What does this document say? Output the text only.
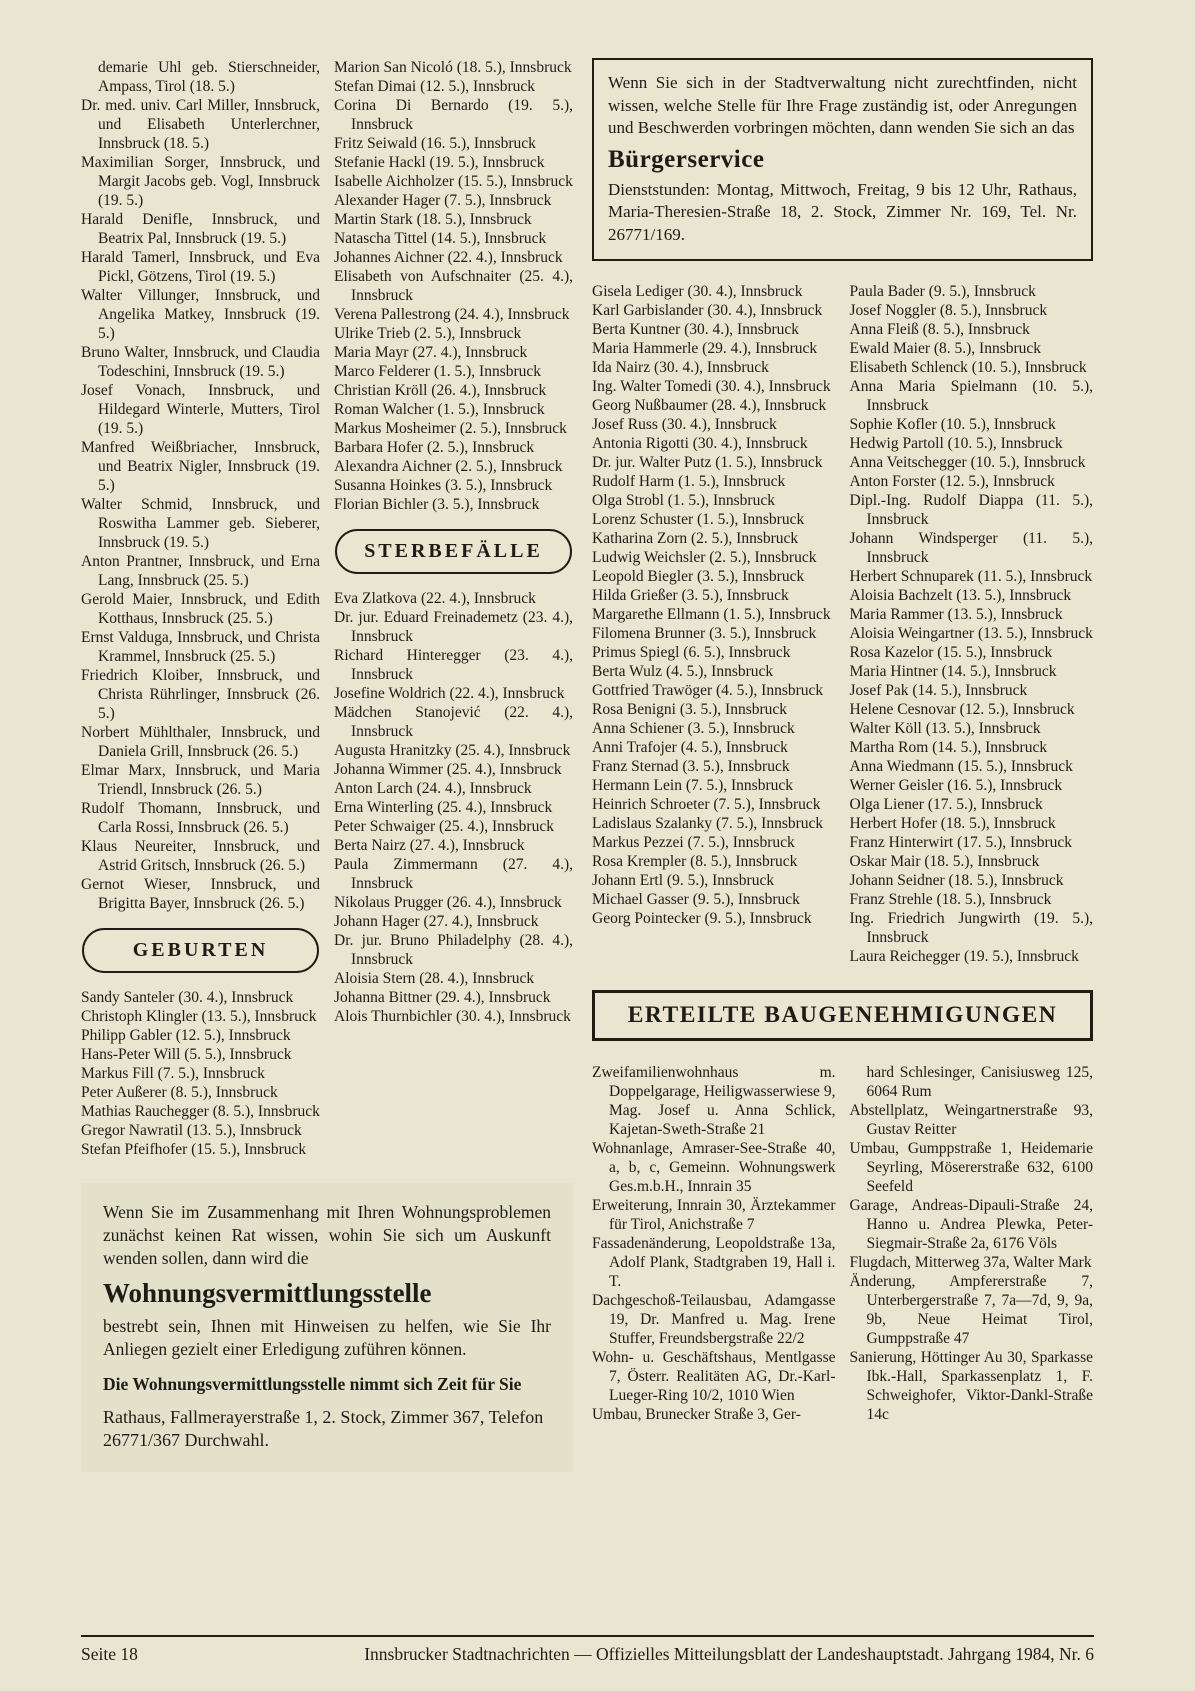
demarie Uhl geb. Stierschneider, Ampass, Tirol (18. 5.)
Dr. med. univ. Carl Miller, Innsbruck, und Elisabeth Unterlerchner, Innsbruck (18. 5.)
Maximilian Sorger, Innsbruck, und Margit Jacobs geb. Vogl, Innsbruck (19. 5.)
Harald Denifle, Innsbruck, und Beatrix Pal, Innsbruck (19. 5.)
Harald Tamerl, Innsbruck, und Eva Pickl, Götzens, Tirol (19. 5.)
Walter Villunger, Innsbruck, und Angelika Matkey, Innsbruck (19. 5.)
Bruno Walter, Innsbruck, und Claudia Todeschini, Innsbruck (19. 5.)
Josef Vonach, Innsbruck, und Hildegard Winterle, Mutters, Tirol (19. 5.)
Manfred Weißbriacher, Innsbruck, und Beatrix Nigler, Innsbruck (19. 5.)
Walter Schmid, Innsbruck, und Roswitha Lammer geb. Sieberer, Innsbruck (19. 5.)
Anton Prantner, Innsbruck, und Erna Lang, Innsbruck (25. 5.)
Gerold Maier, Innsbruck, und Edith Kotthaus, Innsbruck (25. 5.)
Ernst Valduga, Innsbruck, und Christa Krammel, Innsbruck (25. 5.)
Friedrich Kloiber, Innsbruck, und Christa Rührlinger, Innsbruck (26. 5.)
Norbert Mühlthaler, Innsbruck, und Daniela Grill, Innsbruck (26. 5.)
Elmar Marx, Innsbruck, und Maria Triendl, Innsbruck (26. 5.)
Rudolf Thomann, Innsbruck, und Carla Rossi, Innsbruck (26. 5.)
Klaus Neureiter, Innsbruck, und Astrid Gritsch, Innsbruck (26. 5.)
Gernot Wieser, Innsbruck, und Brigitta Bayer, Innsbruck (26. 5.)
GEBURTEN
Sandy Santeler (30. 4.), Innsbruck
Christoph Klingler (13. 5.), Innsbruck
Philipp Gabler (12. 5.), Innsbruck
Hans-Peter Will (5. 5.), Innsbruck
Markus Fill (7. 5.), Innsbruck
Peter Außerer (8. 5.), Innsbruck
Mathias Rauchegger (8. 5.), Innsbruck
Gregor Nawratil (13. 5.), Innsbruck
Stefan Pfeifhofer (15. 5.), Innsbruck
Marion San Nicoló (18. 5.), Innsbruck
Stefan Dimai (12. 5.), Innsbruck
Corina Di Bernardo (19. 5.), Innsbruck
Fritz Seiwald (16. 5.), Innsbruck
Stefanie Hackl (19. 5.), Innsbruck
Isabelle Aichholzer (15. 5.), Innsbruck
Alexander Hager (7. 5.), Innsbruck
Martin Stark (18. 5.), Innsbruck
Natascha Tittel (14. 5.), Innsbruck
Johannes Aichner (22. 4.), Innsbruck
Elisabeth von Aufschnaiter (25. 4.), Innsbruck
Verena Pallestrong (24. 4.), Innsbruck
Ulrike Trieb (2. 5.), Innsbruck
Maria Mayr (27. 4.), Innsbruck
Marco Felderer (1. 5.), Innsbruck
Christian Kröll (26. 4.), Innsbruck
Roman Walcher (1. 5.), Innsbruck
Markus Mosheimer (2. 5.), Innsbruck
Barbara Hofer (2. 5.), Innsbruck
Alexandra Aichner (2. 5.), Innsbruck
Susanna Hoinkes (3. 5.), Innsbruck
Florian Bichler (3. 5.), Innsbruck
STERBEFÄLLE
Eva Zlatkova (22. 4.), Innsbruck
Dr. jur. Eduard Freinademetz (23. 4.), Innsbruck
Richard Hinteregger (23. 4.), Innsbruck
Josefine Woldrich (22. 4.), Innsbruck
Mädchen Stanojević (22. 4.), Innsbruck
Augusta Hranitzky (25. 4.), Innsbruck
Johanna Wimmer (25. 4.), Innsbruck
Anton Larch (24. 4.), Innsbruck
Erna Winterling (25. 4.), Innsbruck
Peter Schwaiger (25. 4.), Innsbruck
Berta Nairz (27. 4.), Innsbruck
Paula Zimmermann (27. 4.), Innsbruck
Nikolaus Prugger (26. 4.), Innsbruck
Johann Hager (27. 4.), Innsbruck
Dr. jur. Bruno Philadelphy (28. 4.), Innsbruck
Aloisia Stern (28. 4.), Innsbruck
Johanna Bittner (29. 4.), Innsbruck
Alois Thurnbichler (30. 4.), Innsbruck

Wenn Sie im Zusammenhang mit Ihren Wohnungsproblemen zunächst keinen Rat wissen, wohin Sie sich um Auskunft wenden sollen, dann wird die

Wohnungsvermittlungsstelle

bestrebt sein, Ihnen mit Hinweisen zu helfen, wie Sie Ihr Anliegen gezielt einer Erledigung zuführen können.

Die Wohnungsvermittlungsstelle nimmt sich Zeit für Sie

Rathaus, Fallmerayerstraße 1, 2. Stock, Zimmer 367, Telefon 26771/367 Durchwahl.

Wenn Sie sich in der Stadtverwaltung nicht zurechtfinden, nicht wissen, welche Stelle für Ihre Frage zuständig ist, oder Anregungen und Beschwerden vorbringen möchten, dann wenden Sie sich an das

Bürgerservice

Dienststunden: Montag, Mittwoch, Freitag, 9 bis 12 Uhr, Rathaus, Maria-Theresien-Straße 18, 2. Stock, Zimmer Nr. 169, Tel. Nr. 26771/169.

Gisela Lediger (30. 4.), Innsbruck
Karl Garbislander (30. 4.), Innsbruck
Berta Kuntner (30. 4.), Innsbruck
Maria Hammerle (29. 4.), Innsbruck
Ida Nairz (30. 4.), Innsbruck
Ing. Walter Tomedi (30. 4.), Innsbruck
Georg Nußbaumer (28. 4.), Innsbruck
Josef Russ (30. 4.), Innsbruck
Antonia Rigotti (30. 4.), Innsbruck
Dr. jur. Walter Putz (1. 5.), Innsbruck
Rudolf Harm (1. 5.), Innsbruck
Olga Strobl (1. 5.), Innsbruck
Lorenz Schuster (1. 5.), Innsbruck
Katharina Zorn (2. 5.), Innsbruck
Ludwig Weichsler (2. 5.), Innsbruck
Leopold Biegler (3. 5.), Innsbruck
Hilda Grießer (3. 5.), Innsbruck
Margarethe Ellmann (1. 5.), Innsbruck
Filomena Brunner (3. 5.), Innsbruck
Primus Spiegl (6. 5.), Innsbruck
Berta Wulz (4. 5.), Innsbruck
Gottfried Trawöger (4. 5.), Innsbruck
Rosa Benigni (3. 5.), Innsbruck
Anna Schiener (3. 5.), Innsbruck
Anni Trafojer (4. 5.), Innsbruck
Franz Sternad (3. 5.), Innsbruck
Hermann Lein (7. 5.), Innsbruck
Heinrich Schroeter (7. 5.), Innsbruck
Ladislaus Szalanky (7. 5.), Innsbruck
Markus Pezzei (7. 5.), Innsbruck
Rosa Krempler (8. 5.), Innsbruck
Johann Ertl (9. 5.), Innsbruck
Michael Gasser (9. 5.), Innsbruck
Georg Pointecker (9. 5.), Innsbruck
Paula Bader (9. 5.), Innsbruck
Josef Noggler (8. 5.), Innsbruck
Anna Fleiß (8. 5.), Innsbruck
Ewald Maier (8. 5.), Innsbruck
Elisabeth Schlenck (10. 5.), Innsbruck
Anna Maria Spielmann (10. 5.), Innsbruck
Sophie Kofler (10. 5.), Innsbruck
Hedwig Partoll (10. 5.), Innsbruck
Anna Veitschegger (10. 5.), Innsbruck
Anton Forster (12. 5.), Innsbruck
Dipl.-Ing. Rudolf Diappa (11. 5.), Innsbruck
Johann Windsperger (11. 5.), Innsbruck
Herbert Schnuparek (11. 5.), Innsbruck
Aloisia Bachzelt (13. 5.), Innsbruck
Maria Rammer (13. 5.), Innsbruck
Aloisia Weingartner (13. 5.), Innsbruck
Rosa Kazelor (15. 5.), Innsbruck
Maria Hintner (14. 5.), Innsbruck
Josef Pak (14. 5.), Innsbruck
Helene Cesnovar (12. 5.), Innsbruck
Walter Köll (13. 5.), Innsbruck
Martha Rom (14. 5.), Innsbruck
Anna Wiedmann (15. 5.), Innsbruck
Werner Geisler (16. 5.), Innsbruck
Olga Liener (17. 5.), Innsbruck
Herbert Hofer (18. 5.), Innsbruck
Franz Hinterwirt (17. 5.), Innsbruck
Oskar Mair (18. 5.), Innsbruck
Johann Seidner (18. 5.), Innsbruck
Franz Strehle (18. 5.), Innsbruck
Ing. Friedrich Jungwirth (19. 5.), Innsbruck
Laura Reichegger (19. 5.), Innsbruck
ERTEILTE BAUGENEHMIGUNGEN
Zweifamilienwohnhaus m. Doppelgarage, Heiligwasserwiese 9, Mag. Josef u. Anna Schlick, Kajetan-Sweth-Straße 21
Wohnanlage, Amraser-See-Straße 40, a, b, c, Gemeinn. Wohnungswerk Ges.m.b.H., Innrain 35
Erweiterung, Innrain 30, Ärztekammer für Tirol, Anichstraße 7
Fassadenänderung, Leopoldstraße 13a, Adolf Plank, Stadtgraben 19, Hall i. T.
Dachgeschoß-Teilausbau, Adamgasse 19, Dr. Manfred u. Mag. Irene Stuffer, Freundsbergstraße 22/2
Wohn- u. Geschäftshaus, Mentlgasse 7, Österr. Realitäten AG, Dr.-Karl-Lueger-Ring 10/2, 1010 Wien
Umbau, Brunecker Straße 3, Ger-
hard Schlesinger, Canisiusweg 125, 6064 Rum
Abstellplatz, Weingartnerstraße 93, Gustav Reitter
Umbau, Gumppstraße 1, Heidemarie Seyrling, Mösererstraße 632, 6100 Seefeld
Garage, Andreas-Dipauli-Straße 24, Hanno u. Andrea Plewka, Peter-Siegmair-Straße 2a, 6176 Völs
Flugdach, Mitterweg 37a, Walter Mark
Änderung, Ampfererstraße 7, Unterbergerstraße 7, 7a—7d, 9, 9a, 9b, Neue Heimat Tirol, Gumppstraße 47
Sanierung, Höttinger Au 30, Sparkasse Ibk.-Hall, Sparkassenplatz 1, F. Schweighofer, Viktor-Dankl-Straße 14c
Seite 18	Innsbrucker Stadtnachrichten — Offizielles Mitteilungsblatt der Landeshauptstadt. Jahrgang 1984, Nr. 6
